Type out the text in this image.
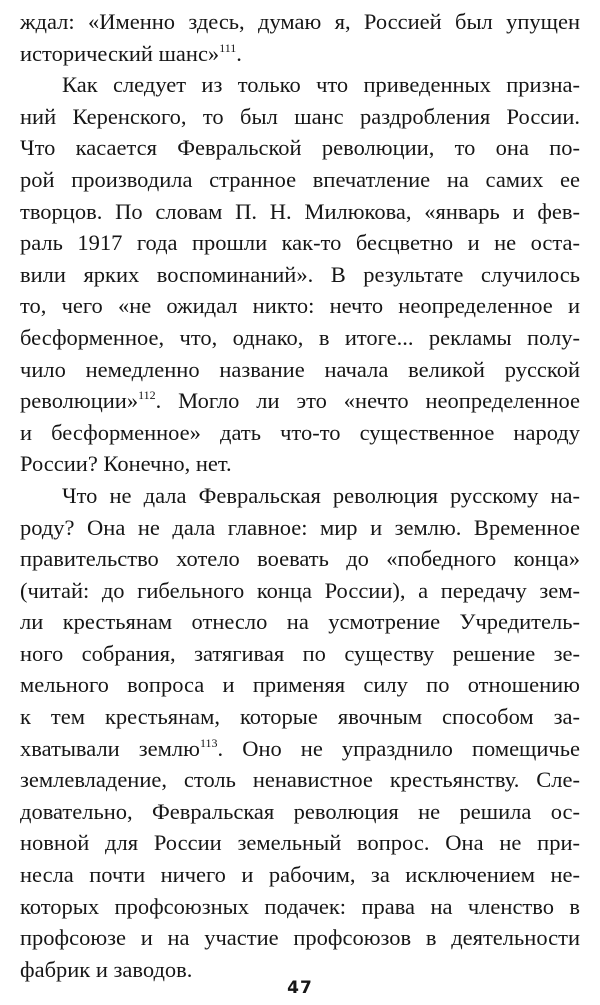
ждал: «Именно здесь, думаю я, Россией был упущен
исторический шанс»$^{111}$.
Как следует из только что приведенных призна-
ний Керенского, то был шанс раздробления России.
Что касается Февральской революции, то она по-
рой производила странное впечатление на самих ее
творцов. По словам П. Н. Милюкова, «январь и фев-
раль 1917 года прошли как-то бесцветно и не оста-
вили ярких воспоминаний». В результате случилось
то, чего «не ожидал никто: нечто неопределенное и
бесформенное, что, однако, в итоге... рекламы полу-
чило немедленно название начала великой русской
революции»$^{112}$. Могло ли это «нечто неопределенное
и бесформенное» дать что-то существенное народу
России? Конечно, нет.
Что не дала Февральская революция русскому на-
роду? Она не дала главное: мир и землю. Временное
правительство хотело воевать до «победного конца»
(читай: до гибельного конца России), а передачу зем-
ли крестьянам отнесло на усмотрение Учредитель-
ного собрания, затягивая по существу решение зе-
мельного вопроса и применяя силу по отношению
к тем крестьянам, которые явочным способом за-
хватывали землю$^{113}$. Оно не упразднило помещичье
землевладение, столь ненавистное крестьянству. Сле-
довательно, Февральская революция не решила ос-
новной для России земельный вопрос. Она не при-
несла почти ничего и рабочим, за исключением не-
которых профсоюзных подачек: права на членство в
профсоюзе и на участие профсоюзов в деятельности
фабрик и заводов.
47
